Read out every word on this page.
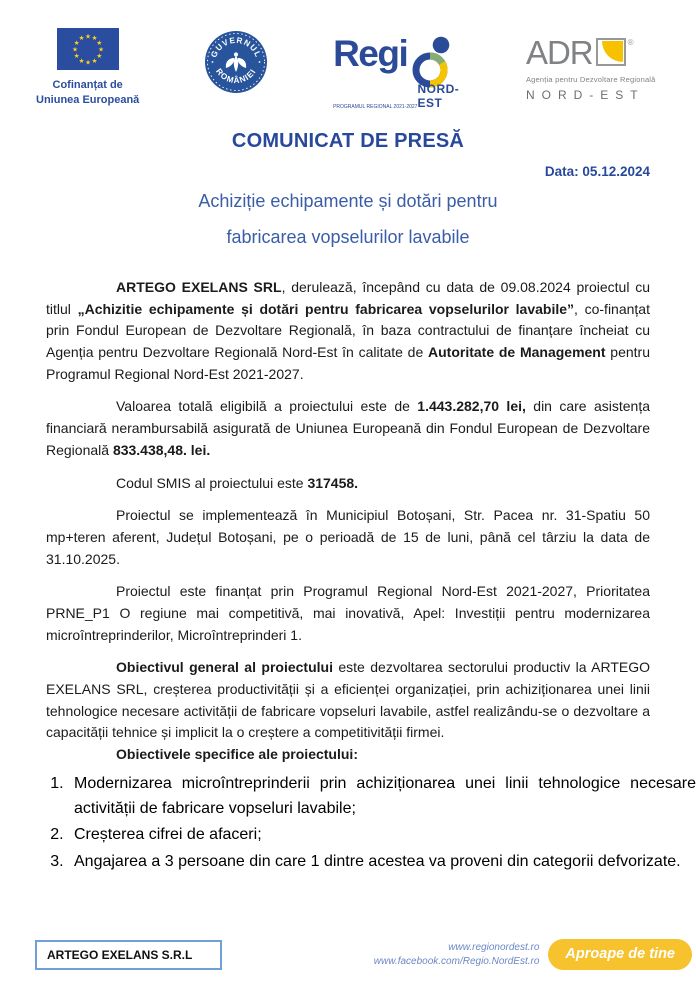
★ ★
★
★
★
★
★
★
★
★
★
★
Cofinanțat de
Uniunea Europeană
GUVERNUL
ROMÂNIEI Regi
PROGRAMUL REGIONAL 2021-2027
NORD-EST
ADR	®
Agenția pentru Dezvoltare Regională
NORD-EST
COMUNICAT DE PRESĂ
Data: 05.12.2024
Achiziție echipamente și dotări pentru
fabricarea vopselurilor lavabile

ARTEGO EXELANS SRL, derulează, începând cu data de 09.08.2024 proiectul cu titlul „Achizitie echipamente și dotări pentru fabricarea vopselurilor lavabile”, co-finanțat prin Fondul European de Dezvoltare Regională, în baza contractului de finanțare încheiat cu Agenția pentru Dezvoltare Regională Nord-Est în calitate de Autoritate de Management pentru Programul Regional Nord-Est 2021-2027.

Valoarea totală eligibilă a proiectului este de 1.443.282,70 lei, din care asistența financiară nerambursabilă asigurată de Uniunea Europeană din Fondul European de Dezvoltare Regională 833.438,48. lei.

Codul SMIS al proiectului este 317458.

Proiectul se implementează în Municipiul Botoșani, Str. Pacea nr. 31-Spatiu 50 mp+teren aferent, Județul Botoșani, pe o perioadă de 15 de luni, până cel târziu la data de 31.10.2025.

Proiectul este finanțat prin Programul Regional Nord-Est 2021-2027, Prioritatea PRNE_P1 O regiune mai competitivă, mai inovativă, Apel: Investiții pentru modernizarea microîntreprinderilor, Microîntreprinderi 1.

Obiectivul general al proiectului este dezvoltarea sectorului productiv la ARTEGO EXELANS SRL, creșterea productivității și a eficienței organizației, prin achiziționarea unei linii tehnologice necesare activității de fabricare vopseluri lavabile, astfel realizându-se o dezvoltare a capacității tehnice și implicit la o creștere a competitivității firmei.

Obiectivele specifice ale proiectului:

1. Modernizarea microîntreprinderii prin achiziționarea unei linii tehnologice necesare activității de fabricare vopseluri lavabile;
2. Creșterea cifrei de afaceri;
3. Angajarea a 3 persoane din care 1 dintre acestea va proveni din categorii defvorizate.
ARTEGO EXELANS S.R.L
www.regionordest.ro
www.facebook.com/Regio.NordEst.ro	Aproape de tine
